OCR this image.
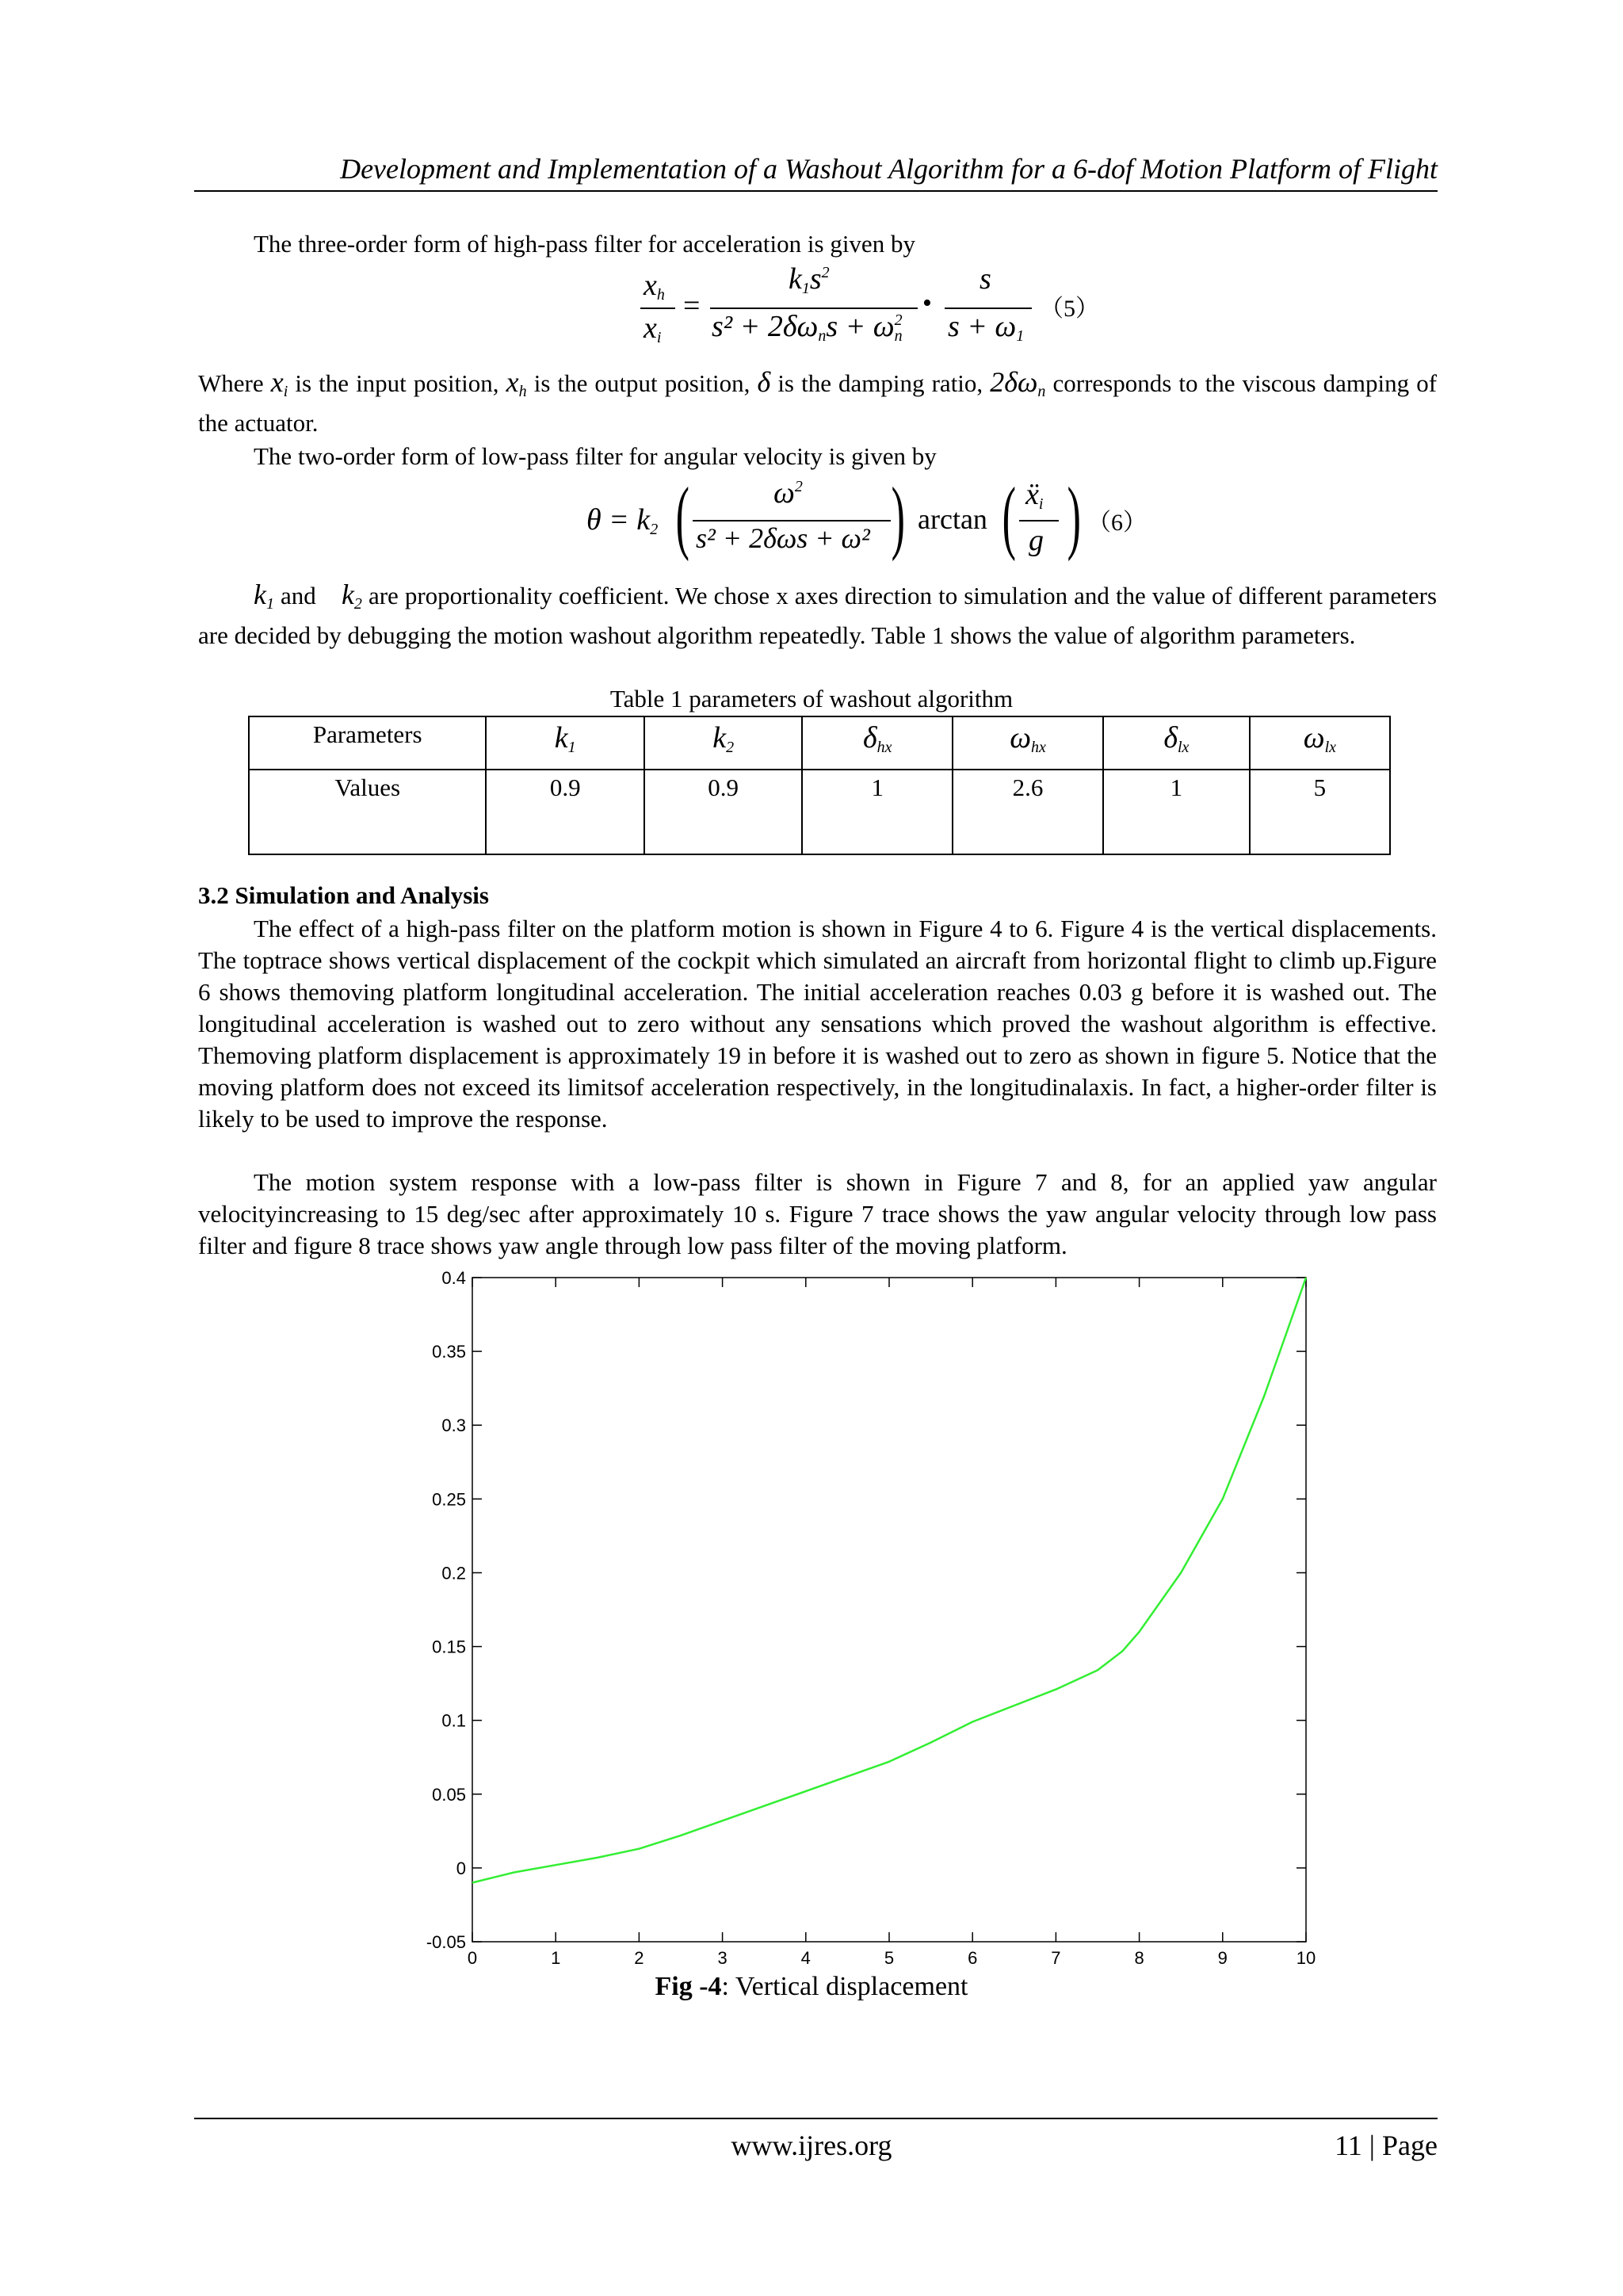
Development and Implementation of a Washout Algorithm for a 6-dof Motion Platform of Flight
The three-order form of high-pass filter for acceleration is given by
$x_h$
$x_i$
=
$k_1s^2$
$s^2 + 2\delta\omega_ns + \omega_n^2$
•
s
$s + \omega_1$
（5）
Where $x_i$ is the input position, $x_h$ is the output position, δ is the damping ratio, $2\delta\omega_n$ corresponds to the viscous damping of the actuator.
The two-order form of low-pass filter for angular velocity is given by
$\theta = k_2$ (	$\omega^2$
s² + 2δωs + ω² ) arctan ( ẍ$_i$
g ) （6）
$k_1$ and $k_2$ are proportionality coefficient. We chose x axes direction to simulation and the value of different parameters are decided by debugging the motion washout algorithm repeatedly. Table 1 shows the value of algorithm parameters.
Table 1 parameters of washout algorithm
Parameters	$k_1$	$k_2$	$\delta_{hx}$	$\omega_{hx}$	$\delta_{lx}$	$\omega_{lx}$
Values	0.9	0.9	1	2.6	1	5
3.2 Simulation and Analysis
The effect of a high-pass filter on the platform motion is shown in Figure 4 to 6. Figure 4 is the vertical displacements. The toptrace shows vertical displacement of the cockpit which simulated an aircraft from horizontal flight to climb up.Figure 6 shows themoving platform longitudinal acceleration. The initial acceleration reaches 0.03 g before it is washed out. The longitudinal acceleration is washed out to zero without any sensations which proved the washout algorithm is effective. Themoving platform displacement is approximately 19 in before it is washed out to zero as shown in figure 5. Notice that the moving platform does not exceed its limitsof acceleration respectively, in the longitudinalaxis. In fact, a higher-order filter is likely to be used to improve the response.
The motion system response with a low-pass filter is shown in Figure 7 and 8, for an applied yaw angular velocityincreasing to 15 deg/sec after approximately 10 s. Figure 7 trace shows the yaw angular velocity through low pass filter and figure 8 trace shows yaw angle through low pass filter of the moving platform.
0	1	2	3	4	5	6	7	8	9	10
-0.05
0
0.05
0.1
0.15
0.2
0.25
0.3
0.35
0.4
Fig -4: Vertical displacement
www.ijres.org	11 | Page
